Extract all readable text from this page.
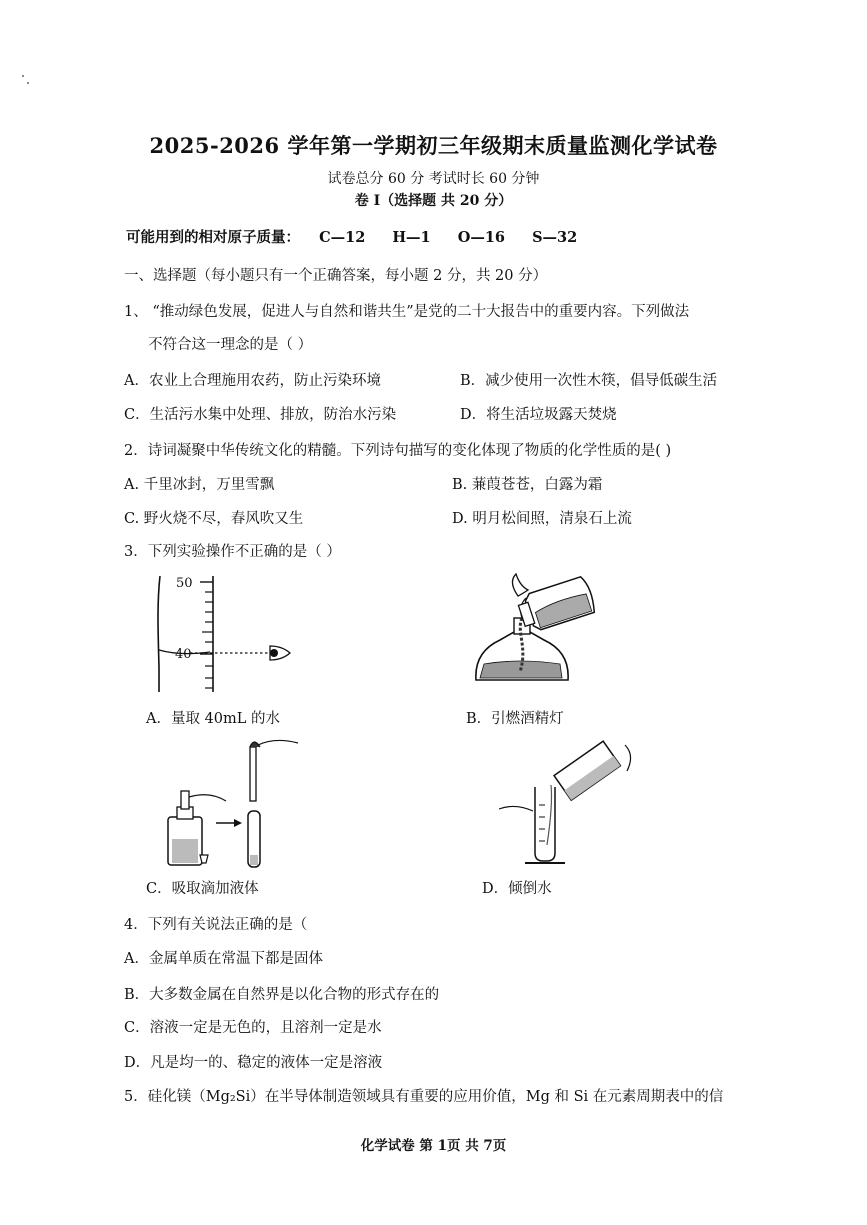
2025-2026 学年第一学期初三年级期末质量监测化学试卷
试卷总分 60 分 考试时长 60 分钟
卷 Ⅰ（选择题 共 20 分）
可能用到的相对原子质量： C—12 H—1 O—16 S—32
一、选择题（每小题只有一个正确答案，每小题 2 分，共 20 分）
1、 “推动绿色发展，促进人与自然和谐共生”是党的二十大报告中的重要内容。下列做法
不符合这一理念的是（ ）
A．农业上合理施用农药，防止污染环境	B．减少使用一次性木筷，倡导低碳生活
C．生活污水集中处理、排放，防治水污染	D．将生活垃圾露天焚烧
2．诗词凝聚中华传统文化的精髓。下列诗句描写的变化体现了物质的化学性质的是( )
A. 千里冰封，万里雪飘	B. 蒹葭苍苍，白露为霜
C. 野火烧不尽，春风吹又生	D. 明月松间照，清泉石上流
3．下列实验操作不正确的是（ ）
50
40
A．量取 40mL 的水	B．引燃酒精灯
C．吸取滴加液体	D．倾倒水
4．下列有关说法正确的是（
A．金属单质在常温下都是固体
B．大多数金属在自然界是以化合物的形式存在的
C．溶液一定是无色的，且溶剂一定是水
D．凡是均一的、稳定的液体一定是溶液
5．硅化镁（Mg₂Si）在半导体制造领域具有重要的应用价值，Mg 和 Si 在元素周期表中的信
化学试卷 第 1页 共 7页
